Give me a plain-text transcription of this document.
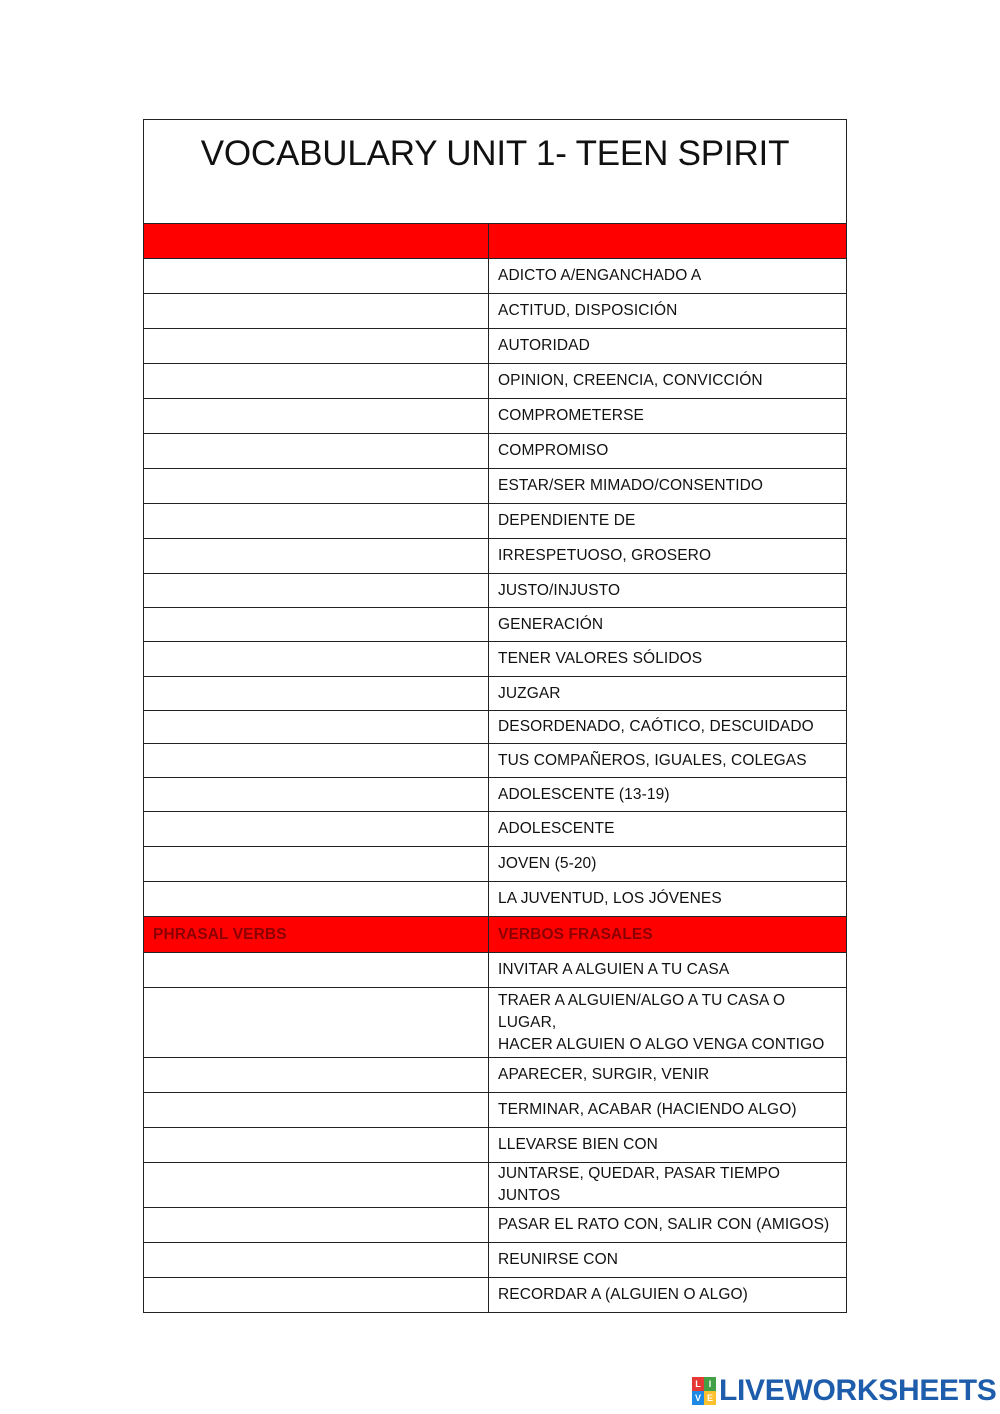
VOCABULARY UNIT 1- TEEN SPIRIT	

	ADICTO A/ENGANCHADO A
	ACTITUD, DISPOSICIÓN
	AUTORIDAD
	OPINION, CREENCIA, CONVICCIÓN
	COMPROMETERSE
	COMPROMISO
	ESTAR/SER MIMADO/CONSENTIDO
	DEPENDIENTE DE
	IRRESPETUOSO, GROSERO
	JUSTO/INJUSTO
	GENERACIÓN
	TENER VALORES SÓLIDOS
	JUZGAR
	DESORDENADO, CAÓTICO, DESCUIDADO
	TUS COMPAÑEROS, IGUALES, COLEGAS
	ADOLESCENTE (13-19)
	ADOLESCENTE
	JOVEN (5-20)
	LA JUVENTUD, LOS JÓVENES
PHRASAL VERBS	VERBOS FRASALES
	INVITAR A ALGUIEN A TU CASA
	TRAER A ALGUIEN/ALGO A TU CASA O LUGAR,
HACER ALGUIEN O ALGO VENGA CONTIGO
	APARECER, SURGIR, VENIR
	TERMINAR, ACABAR (HACIENDO ALGO)
	LLEVARSE BIEN CON
	JUNTARSE, QUEDAR, PASAR TIEMPO JUNTOS
	PASAR EL RATO CON, SALIR CON (AMIGOS)
	REUNIRSE CON
	RECORDAR A (ALGUIEN O ALGO)
L I
V E LIVEWORKSHEETS
